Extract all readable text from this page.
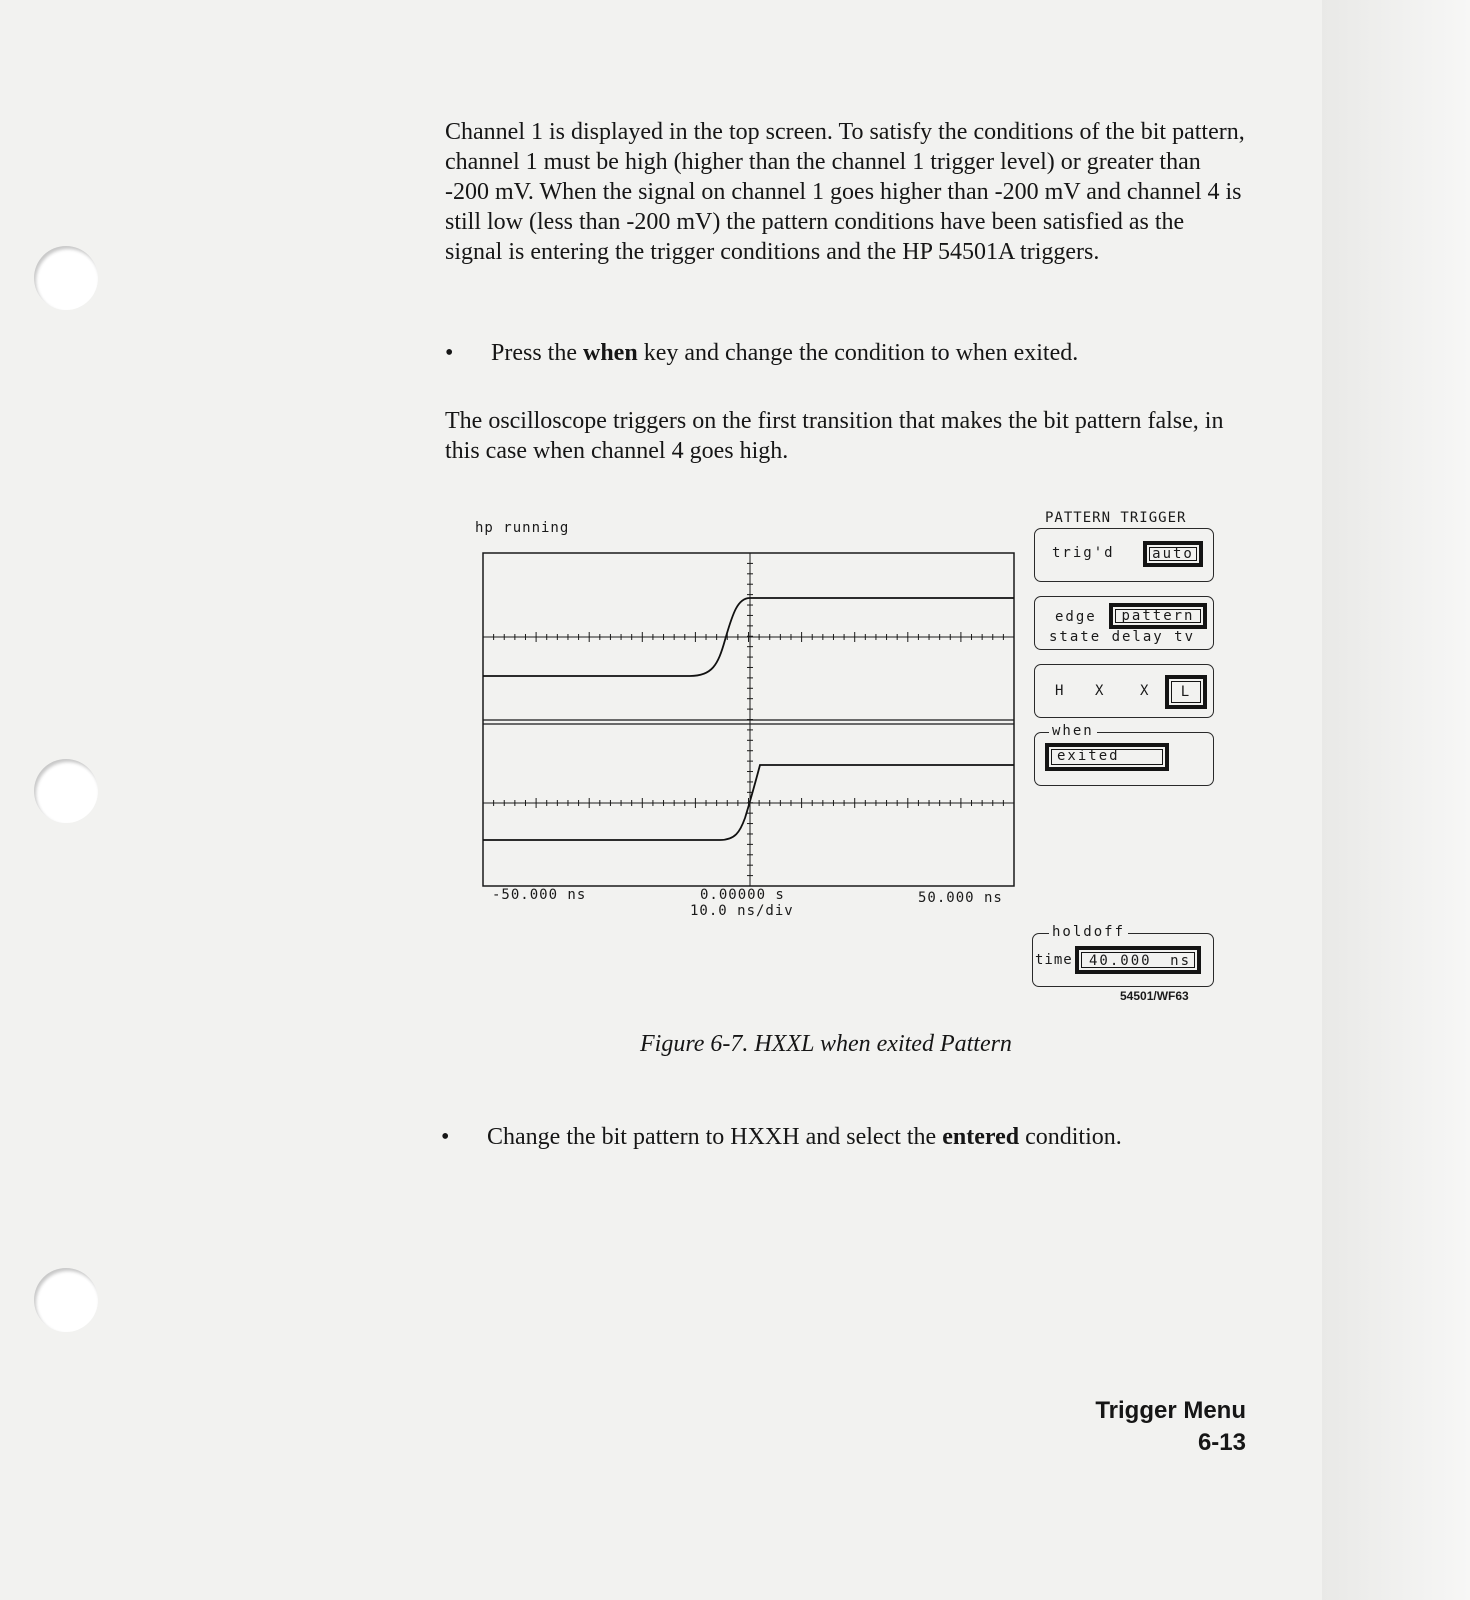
Channel 1 is displayed in the top screen. To satisfy the conditions of the bit pattern, channel 1 must be high (higher than the channel 1 trigger level) or greater than -200 mV. When the signal on channel 1 goes higher than -200 mV and channel 4 is still low (less than -200 mV) the pattern conditions have been satisfied as the signal is entering the trigger conditions and the HP 54501A triggers.

• Press the when key and change the condition to when exited.

The oscilloscope triggers on the first transition that makes the bit pattern false, in this case when channel 4 goes high.

hp running
-50.000 ns	0.00000 s
10.0 ns/div
50.000 ns
PATTERN TRIGGER
trig'd	auto
edge	pattern
state delay tv
H X X	L
when
exited
holdoff
time 40.000 ns
54501/WF63
Figure 6-7. HXXL when exited Pattern
• Change the bit pattern to HXXH and select the entered condition.
Trigger Menu
6-13
